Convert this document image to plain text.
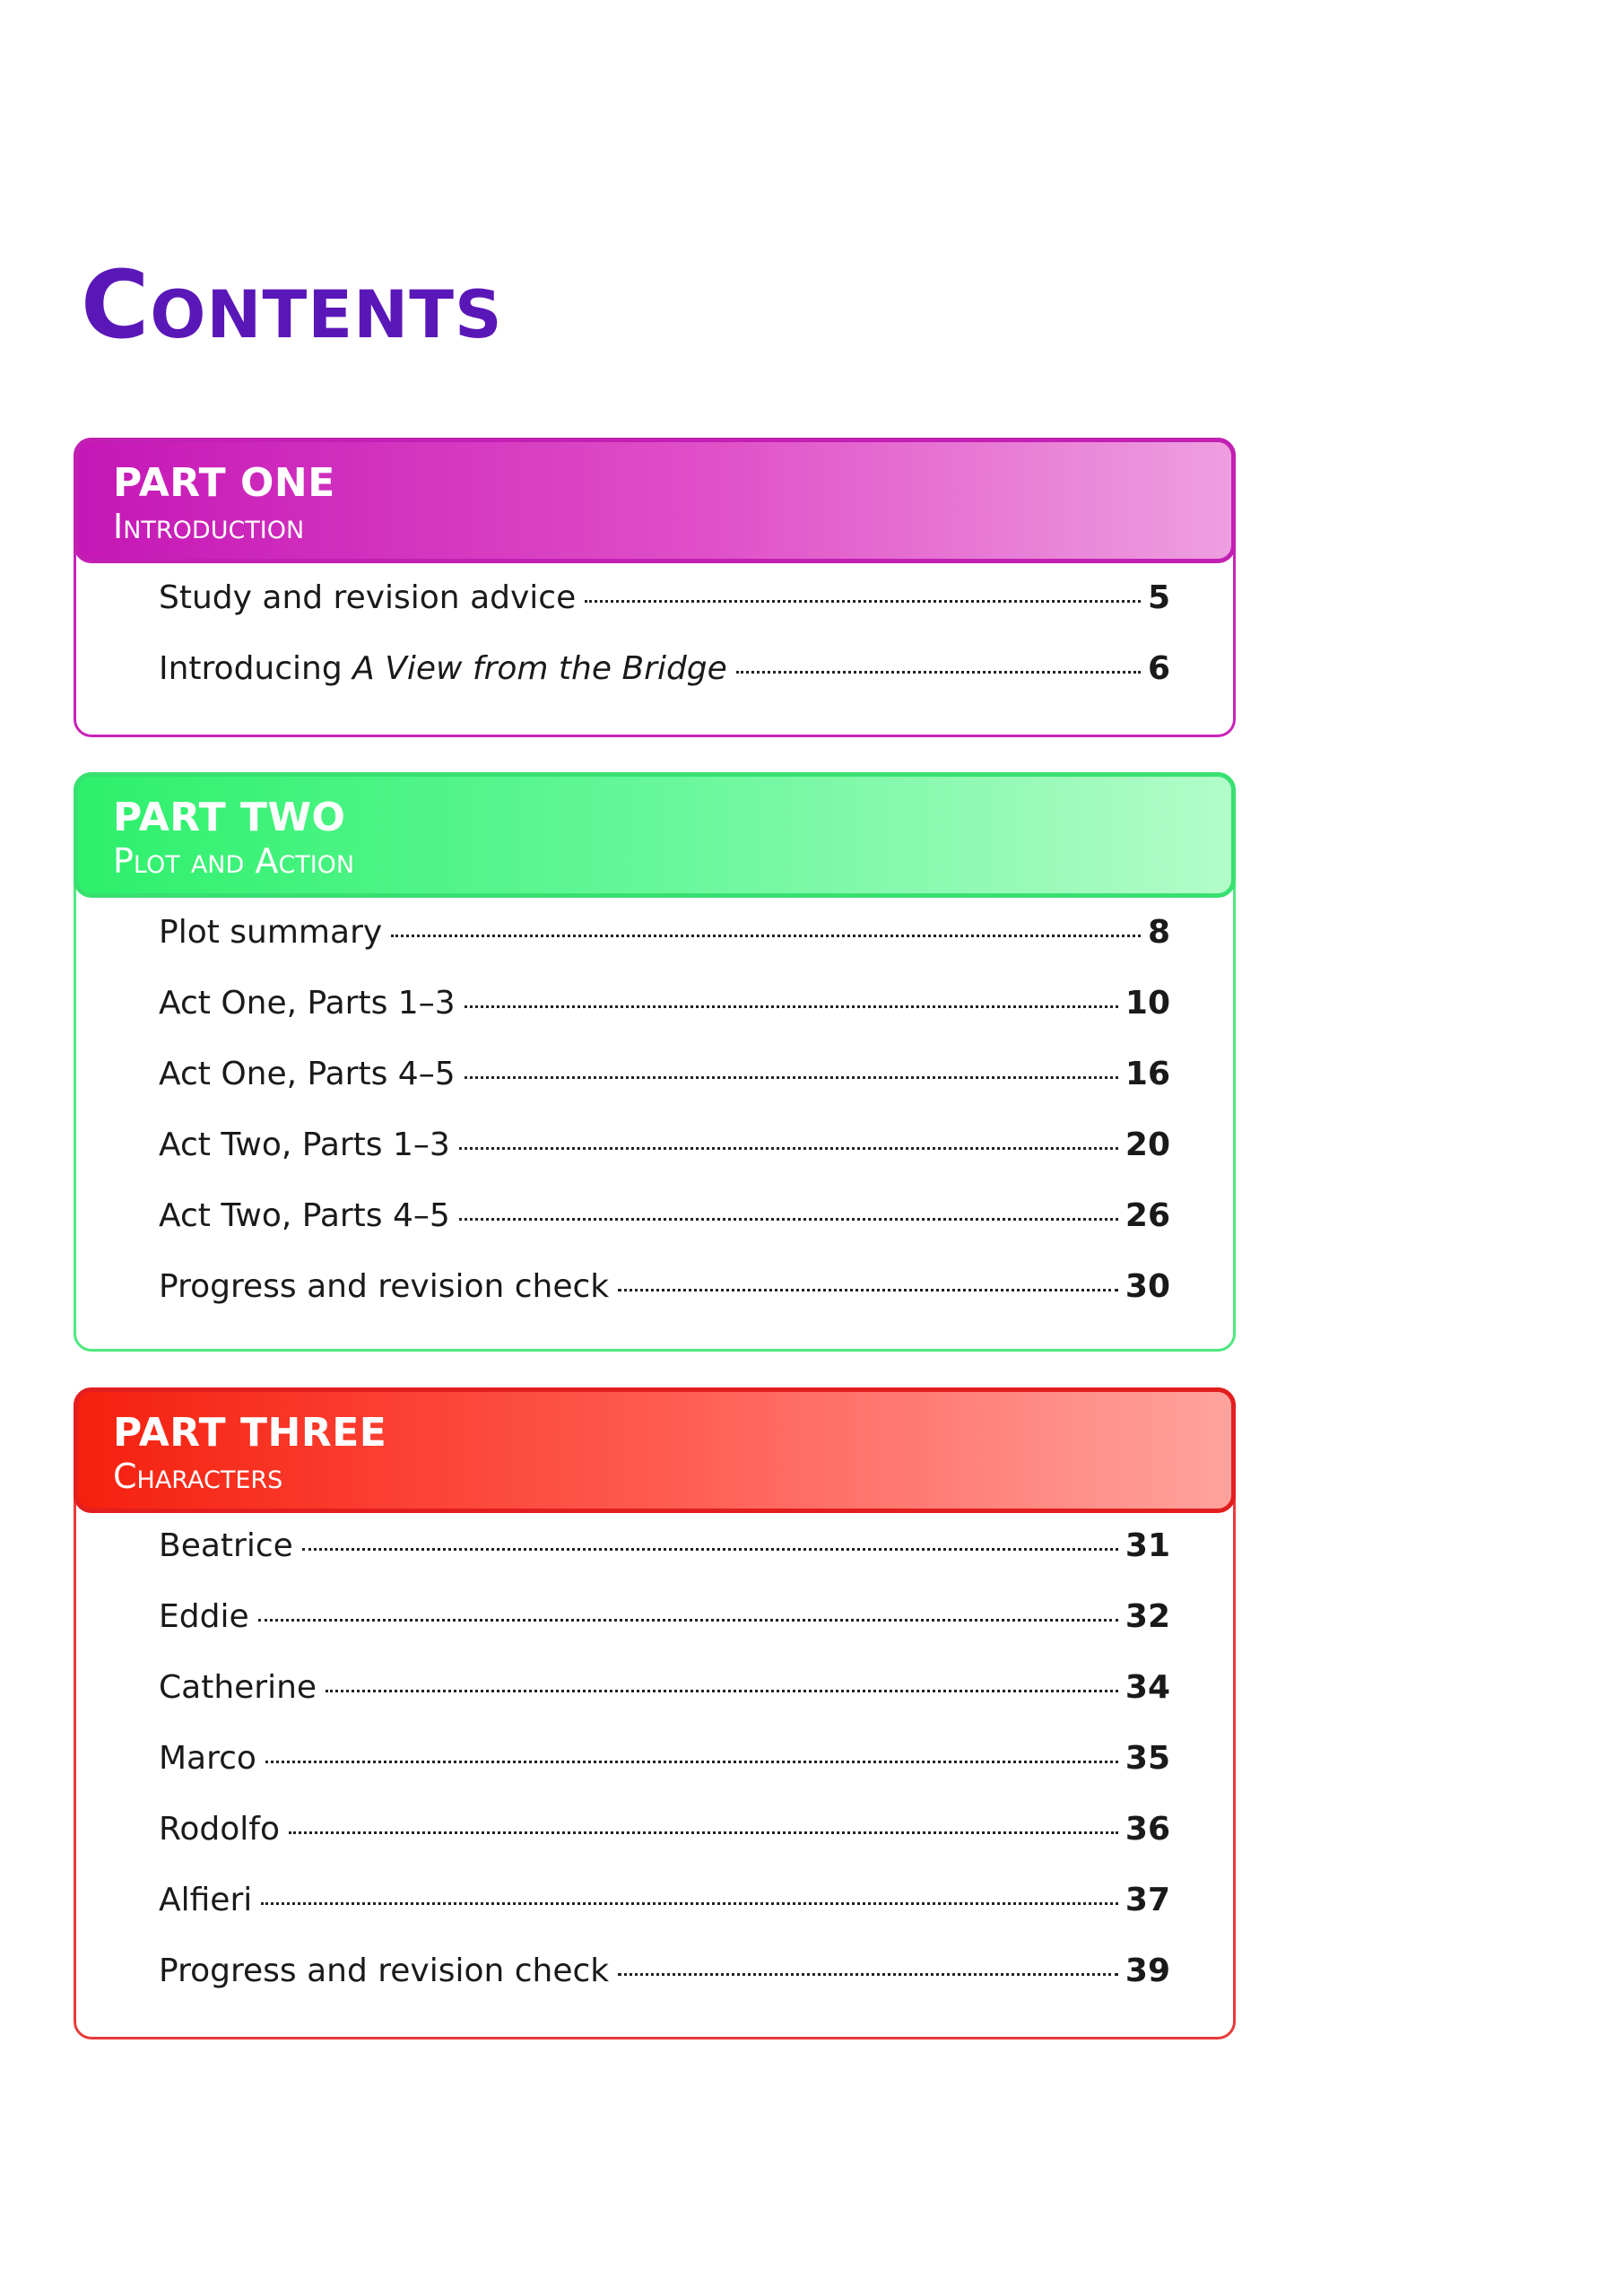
Contents
PART ONE
Introduction
Study and revision advice	5
Introducing A View from the Bridge	6
PART TWO
Plot and Action
Plot summary	8
Act One, Parts 1–3	10
Act One, Parts 4–5	16
Act Two, Parts 1–3	20
Act Two, Parts 4–5	26
Progress and revision check	30
PART THREE
Characters
Beatrice	31
Eddie	32
Catherine	34
Marco	35
Rodolfo	36
Alfieri	37
Progress and revision check	39
